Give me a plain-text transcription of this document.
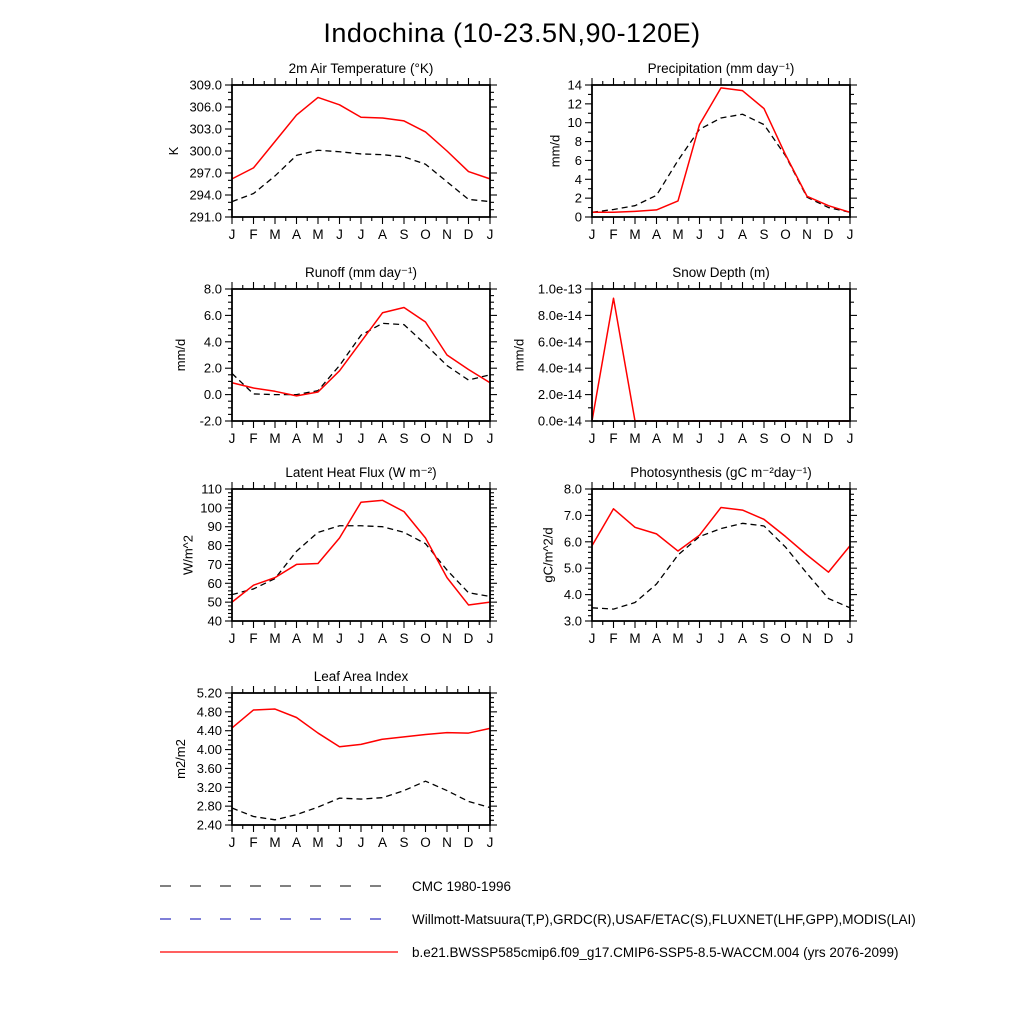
Indochina (10-23.5N,90-120E)
2m Air Temperature (°K)
291.0
294.0
297.0
300.0
303.0
306.0
309.0
J F M A M J J A S O N D J
K
Precipitation (mm day⁻¹)
0
2
4
6
8
10
12
14
J F M A M J J A S O N D J
mm/d
Runoff (mm day⁻¹)
-2.0
0.0
2.0
4.0
6.0
8.0
J F M A M J J A S O N D J
mm/d
Snow Depth (m)
0.0e-14
2.0e-14
4.0e-14
6.0e-14
8.0e-14
1.0e-13
J F M A M J J A S O N D J
mm/d
Latent Heat Flux (W m⁻²)
40
50
60
70
80
90
100
110
J F M A M J J A S O N D J
W/m^2
Photosynthesis (gC m⁻²day⁻¹)
3.0
4.0
5.0
6.0
7.0
8.0
J F M A M J J A S O N D J
gC/m^2/d
Leaf Area Index
2.40
2.80
3.20
3.60
4.00
4.40
4.80
5.20
J F M A M J J A S O N D J
m2/m2
CMC 1980-1996
Willmott-Matsuura(T,P),GRDC(R),USAF/ETAC(S),FLUXNET(LHF,GPP),MODIS(LAI)
b.e21.BWSSP585cmip6.f09_g17.CMIP6-SSP5-8.5-WACCM.004 (yrs 2076-2099)
